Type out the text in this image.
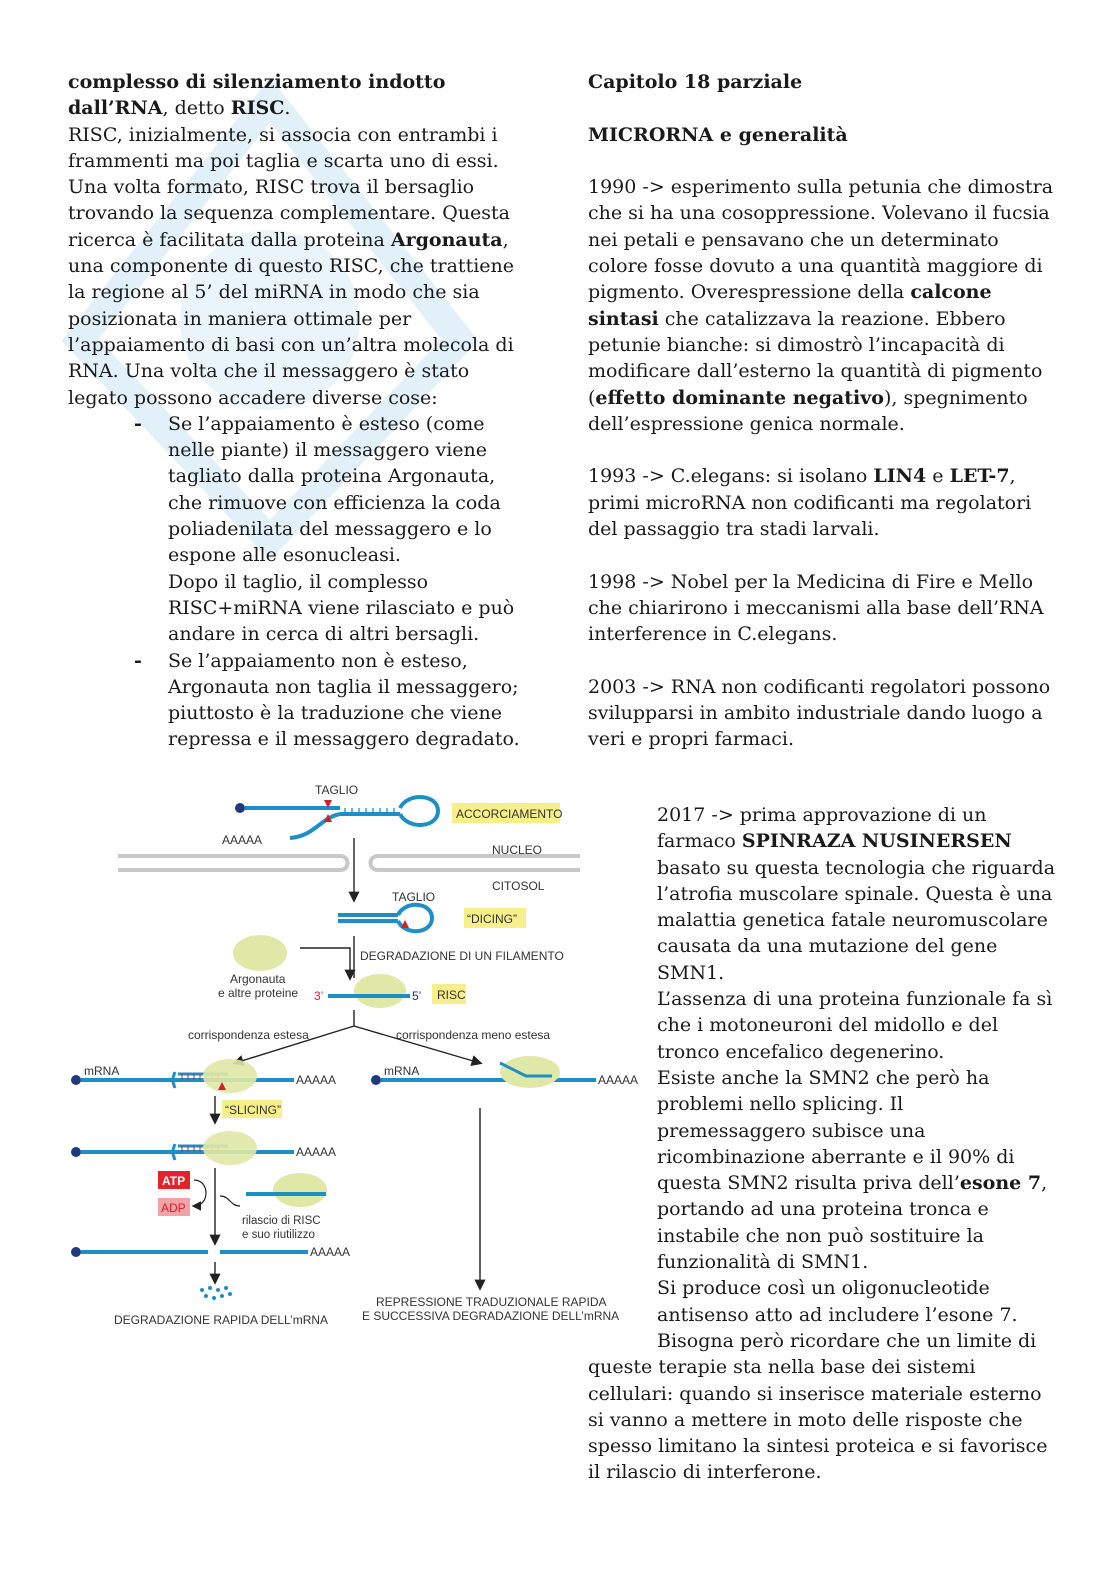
complesso di silenziamento indotto dall’RNA, detto RISC.

RISC, inizialmente, si associa con entrambi i frammenti ma poi taglia e scarta uno di essi. Una volta formato, RISC trova il bersaglio trovando la sequenza complementare. Questa ricerca è facilitata dalla proteina Argonauta, una componente di questo RISC, che trattiene la regione al 5’ del miRNA in modo che sia posizionata in maniera ottimale per l’appaiamento di basi con un’altra molecola di RNA. Una volta che il messaggero è stato legato possono accadere diverse cose:

- Se l’appaiamento è esteso (come nelle piante) il messaggero viene tagliato dalla proteina Argonauta, che rimuove con efficienza la coda poliadenilata del messaggero e lo espone alle esonucleasi.
Dopo il taglio, il complesso RISC+miRNA viene rilasciato e può andare in cerca di altri bersagli.
- Se l’appaiamento non è esteso, Argonauta non taglia il messaggero; piuttosto è la traduzione che viene repressa e il messaggero degradato.

Capitolo 18 parziale

MICRORNA e generalità

1990 -> esperimento sulla petunia che dimostra che si ha una cosoppressione. Volevano il fucsia nei petali e pensavano che un determinato colore fosse dovuto a una quantità maggiore di pigmento. Overespressione della calcone sintasi che catalizzava la reazione. Ebbero petunie bianche: si dimostrò l’incapacità di modificare dall’esterno la quantità di pigmento (effetto dominante negativo), spegnimento dell’espressione genica normale.

1993 -> C.elegans: si isolano LIN4 e LET-7, primi microRNA non codificanti ma regolatori del passaggio tra stadi larvali.

1998 -> Nobel per la Medicina di Fire e Mello che chiarirono i meccanismi alla base dell’RNA interference in C.elegans.

2003 -> RNA non codificanti regolatori possono svilupparsi in ambito industriale dando luogo a veri e propri farmaci.

2017 -> prima approvazione di un farmaco SPINRAZA NUSINERSEN basato su questa tecnologia che riguarda l’atrofia muscolare spinale. Questa è una malattia genetica fatale neuromuscolare causata da una mutazione del gene SMN1.

L’assenza di una proteina funzionale fa sì che i motoneuroni del midollo e del tronco encefalico degenerino.

Esiste anche la SMN2 che però ha problemi nello splicing. Il premessaggero subisce una ricombinazione aberrante e il 90% di questa SMN2 risulta priva dell’esone 7, portando ad una proteina tronca e instabile che non può sostituire la funzionalità di SMN1.

Si produce così un oligonucleotide antisenso atto ad includere l’esone 7.

Bisogna però ricordare che un limite di queste terapie sta nella base dei sistemi cellulari: quando si inserisce materiale esterno si vanno a mettere in moto delle risposte che spesso limitano la sintesi proteica e si favorisce il rilascio di interferone.

TAGLIO
ACCORCIAMENTO
AAAAA
NUCLEO
CITOSOL
TAGLIO
“DICING”
DEGRADAZIONE DI UN FILAMENTO
Argonauta
e altre proteine 3’	5’ RISC
corrispondenza estesa	corrispondenza meno estesa
mRNA
AAAAA
mRNA
AAAAA
“SLICING”
AAAAA
ATP
ADP
rilascio di RISC
e suo riutilizzo
AAAAA
DEGRADAZIONE RAPIDA DELL’mRNA
REPRESSIONE TRADUZIONALE RAPIDA
E SUCCESSIVA DEGRADAZIONE DELL’mRNA
